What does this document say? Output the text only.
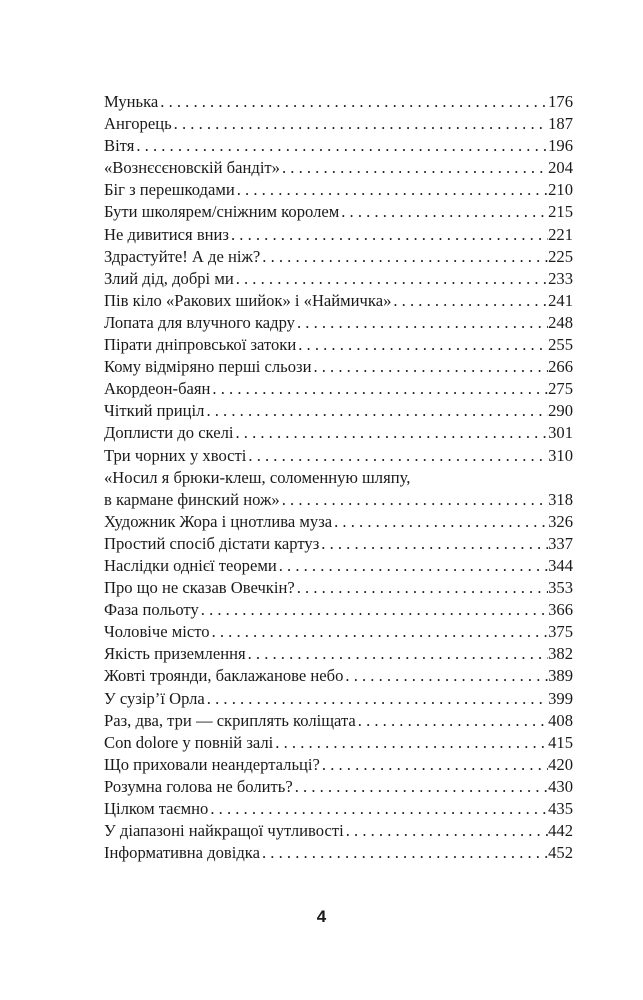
Мунька . . .	176
Ангорець . . .	187
Вітя . . .	196
«Вознєсєновскій бандіт» . . .	204
Біг з перешкодами . . .	210
Бути школярем/сніжним королем . . .	215
Не дивитися вниз . . .	221
Здрастуйте! А де ніж? . . .	225
Злий дід, добрі ми . . .	233
Пів кіло «Ракових шийок» і «Наймичка» . . .	241
Лопата для влучного кадру . . .	248
Пірати дніпровської затоки . . .	255
Кому відміряно перші сльози . . .	266
Акордеон-баян . . .	275
Чіткий приціл . . .	290
Доплисти до скелі . . .	301
Три чорних у хвості . . .	310
«Носил я брюки-клеш, соломенную шляпу,
в кармане финский нож» . . .	318
Художник Жора і цнотлива муза . . .	326
Простий спосіб дістати картуз . . .	337
Наслідки однієї теореми . . .	344
Про що не сказав Овечкін? . . .	353
Фаза польоту . . .	366
Чоловіче місто . . .	375
Якість приземлення . . .	382
Жовті троянди, баклажанове небо . . .	389
У сузір’ї Орла . . .	399
Раз, два, три — скриплять коліщата . . .	408
Con dolore у повній залі . . .	415
Що приховали неандертальці? . . .	420
Розумна голова не болить? . . .	430
Цілком таємно . . .	435
У діапазоні найкращої чутливості . . .	442
Інформативна довідка . . .	452
4
